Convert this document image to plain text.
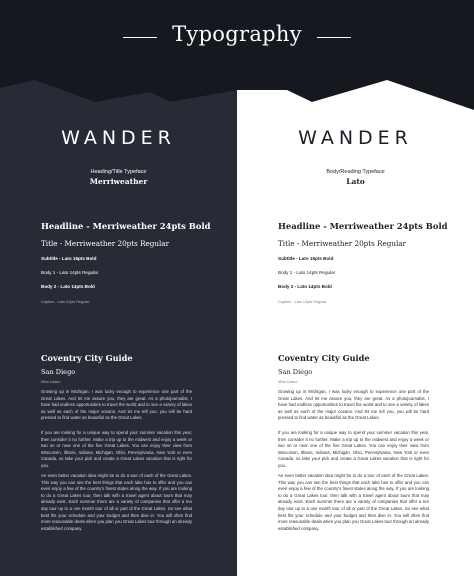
Typography
WANDER
Heading/Title Typeface
Merriweather
Headline - Merriweather 24pts Bold
Title - Merriweather 20pts Regular
Subtitle - Lato 16pts Bold
Body 1 - Lato 14pts Regular
Body 2 - Lato 14pts Bold
Caption - Lato 12pts Regular
Coventry City Guide
San Diego
Mina Castro

Growing up in Michigan, I was lucky enough to experience one part of the Great Lakes. And let me assure you, they are great. As a photojournalist, I have had endless opportunities to travel the world and to see a variety of lakes as well as each of the major oceans. And let me tell you, you will be hard pressed to find water as beautiful as the Great Lakes.

If you are looking for a unique way to spend your summer vacation this year, then consider it no further. Make a trip up to the midwest and enjoy a week or two on or near one of the five Great Lakes. You can enjoy their view from Wisconsin, Illinois, Indiana, Michigan, Ohio, Pennsylvania, New York or even Canada, so take your pick and create a Great Lakes vacation that is right for you.

An even better vacation idea might be to do a tour of each of the Great Lakes. This way you can see the best things that each lake has to offer and you can even enjoy a few of the country's finest states along the way. If you are looking to do a Great Lakes tour, then talk with a travel agent about tours that may already exist. Each summer there are a variety of companies that offer a ten day tour up to a one month tour of all or part of the Great Lakes. So see what best fits your schedule and your budget and then dive in. You will often find more reasonable deals when you plan you Great Lakes tour through an already established company.

WANDER
Body/Reading Typeface
Lato
Headline - Merriweather 24pts Bold
Title - Merriweather 20pts Regular
Subtitle - Lato 16pts Bold
Body 1 - Lato 14pts Regular
Body 2 - Lato 14pts Bold
Caption - Lato 12pts Regular
Coventry City Guide
San Diego
Mina Castro

Growing up in Michigan, I was lucky enough to experience one part of the Great Lakes. And let me assure you, they are great. As a photojournalist, I have had endless opportunities to travel the world and to see a variety of lakes as well as each of the major oceans. And let me tell you, you will be hard pressed to find water as beautiful as the Great Lakes.

If you are looking for a unique way to spend your summer vacation this year, then consider it no further. Make a trip up to the midwest and enjoy a week or two on or near one of the five Great Lakes. You can enjoy their view from Wisconsin, Illinois, Indiana, Michigan, Ohio, Pennsylvania, New York or even Canada, so take your pick and create a Great Lakes vacation that is right for you.

An even better vacation idea might be to do a tour of each of the Great Lakes. This way you can see the best things that each lake has to offer and you can even enjoy a few of the country's finest states along the way. If you are looking to do a Great Lakes tour, then talk with a travel agent about tours that may already exist. Each summer there are a variety of companies that offer a ten day tour up to a one month tour of all or part of the Great Lakes. So see what best fits your schedule and your budget and then dive in. You will often find more reasonable deals when you plan you Great Lakes tour through an already established company.
